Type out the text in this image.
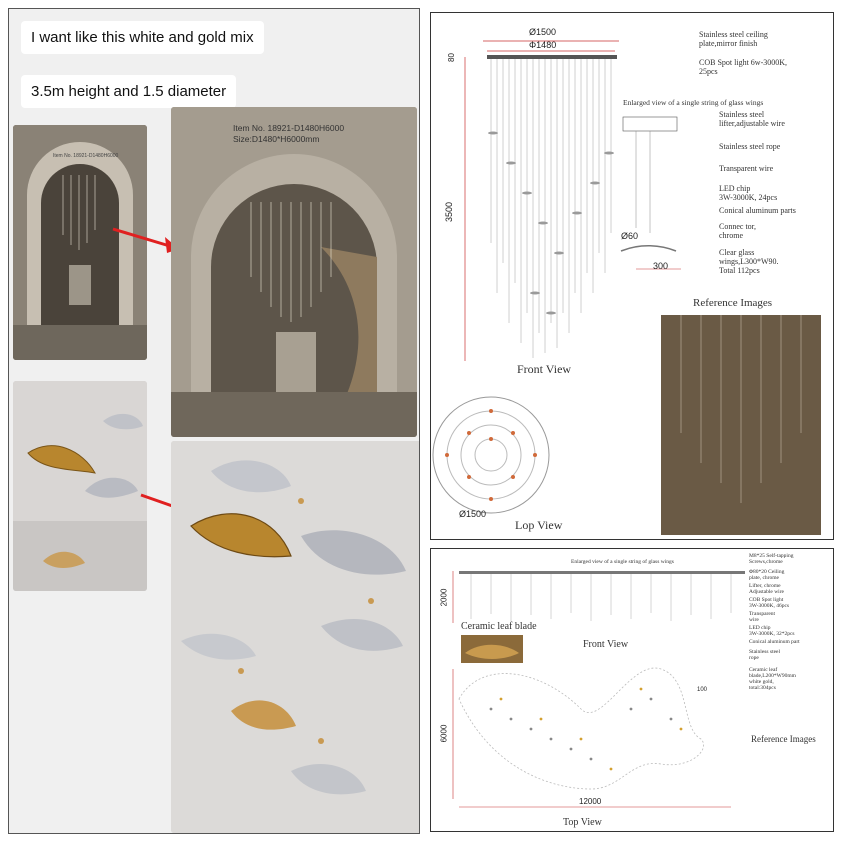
I want like this white and gold mix
3.5m height and 1.5 diameter
Item No. 18921-D1480H6000
Item No. 18921-D1480H6000
Size:D1480*H6000mm
Ø1500
Φ1480
80
3500
Stainless steel ceiling
plate,mirror finish
COB Spot light 6w-3000K,
25pcs
Enlarged view of a single string of glass wings
Stainless steel
lifter,adjustable wire
Stainless steel rope
Transparent wire
LED chip
3W-3000K, 24pcs
Conical aluminum parts
Connec tor,
chrome
Clear glass
wings,L300*W90.
Total 112pcs
Ø60
300
Front View
Reference Images
Ø1500
Lop View
Enlarged view of a single string of glass wings
M8*25 Self-tapping
Screws,chrome
Φ80*20 Ceiling
plate, chrome
Lifter, chrome
Adjustable wire
COB Spot light
3W-3000K, 46pcs
Transparent
wire
LED chip
3W-3000K, 32*2pcs
Conical aluminum part
Stainless steel
rope
Ceramic leaf
blade,L200*W90mm
white gold,
total:304pcs
2000
Ceramic leaf blade
Front View
100
6000	Reference Images
12000
Top View
